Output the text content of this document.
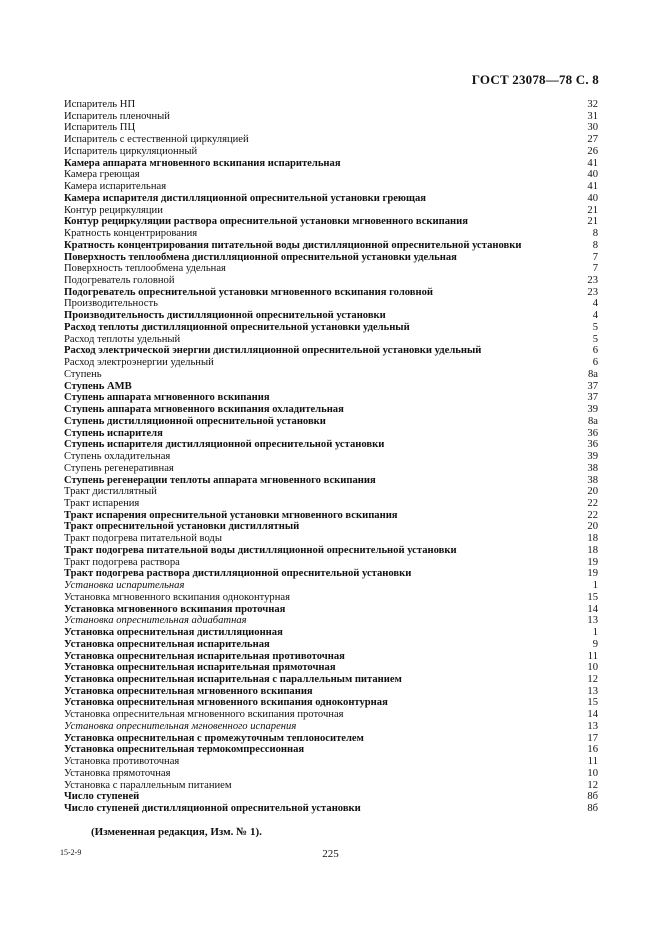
ГОСТ 23078—78 С. 8
Испаритель НП	32
Испаритель пленочный	31
Испаритель ПЦ	30
Испаритель с естественной циркуляцией	27
Испаритель циркуляционный	26
Камера аппарата мгновенного вскипания испарительная	41
Камера греющая	40
Камера испарительная	41
Камера испарителя дистилляционной опреснительной установки греющая	40
Контур рециркуляции	21
Контур рециркуляции раствора опреснительной установки мгновенного вскипания	21
Кратность концентрирования	8
Кратность концентрирования питательной воды дистилляционной опреснительной установки	8
Поверхность теплообмена дистилляционной опреснительной установки удельная	7
Поверхность теплообмена удельная	7
Подогреватель головной	23
Подогреватель опреснительной установки мгновенного вскипания головной	23
Производительность	4
Производительность дистилляционной опреснительной установки	4
Расход теплоты дистилляционной опреснительной установки удельный	5
Расход теплоты удельный	5
Расход электрической энергии дистилляционной опреснительной установки удельный	6
Расход электроэнергии удельный	6
Ступень	8а
Ступень АМВ	37
Ступень аппарата мгновенного вскипания	37
Ступень аппарата мгновенного вскипания охладительная	39
Ступень дистилляционной опреснительной установки	8а
Ступень испарителя	36
Ступень испарителя дистилляционной опреснительной установки	36
Ступень охладительная	39
Ступень регенеративная	38
Ступень регенерации теплоты аппарата мгновенного вскипания	38
Тракт дистиллятный	20
Тракт испарения	22
Тракт испарения опреснительной установки мгновенного вскипания	22
Тракт опреснительной установки дистиллятный	20
Тракт подогрева питательной воды	18
Тракт подогрева питательной воды дистилляционной опреснительной установки	18
Тракт подогрева раствора	19
Тракт подогрева раствора дистилляционной опреснительной установки	19
Установка испарительная	1
Установка мгновенного вскипания одноконтурная	15
Установка мгновенного вскипания проточная	14
Установка опреснительная адиабатная	13
Установка опреснительная дистилляционная	1
Установка опреснительная испарительная	9
Установка опреснительная испарительная противоточная	11
Установка опреснительная испарительная прямоточная	10
Установка опреснительная испарительная с параллельным питанием	12
Установка опреснительная мгновенного вскипания	13
Установка опреснительная мгновенного вскипания одноконтурная	15
Установка опреснительная мгновенного вскипания проточная	14
Установка опреснительная мгновенного испарения	13
Установка опреснительная с промежуточным теплоносителем	17
Установка опреснительная термокомпрессионная	16
Установка противоточная	11
Установка прямоточная	10
Установка с параллельным питанием	12
Число ступеней	8б
Число ступеней дистилляционной опреснительной установки	8б
(Измененная редакция, Изм. № 1).
15-2-9	225
